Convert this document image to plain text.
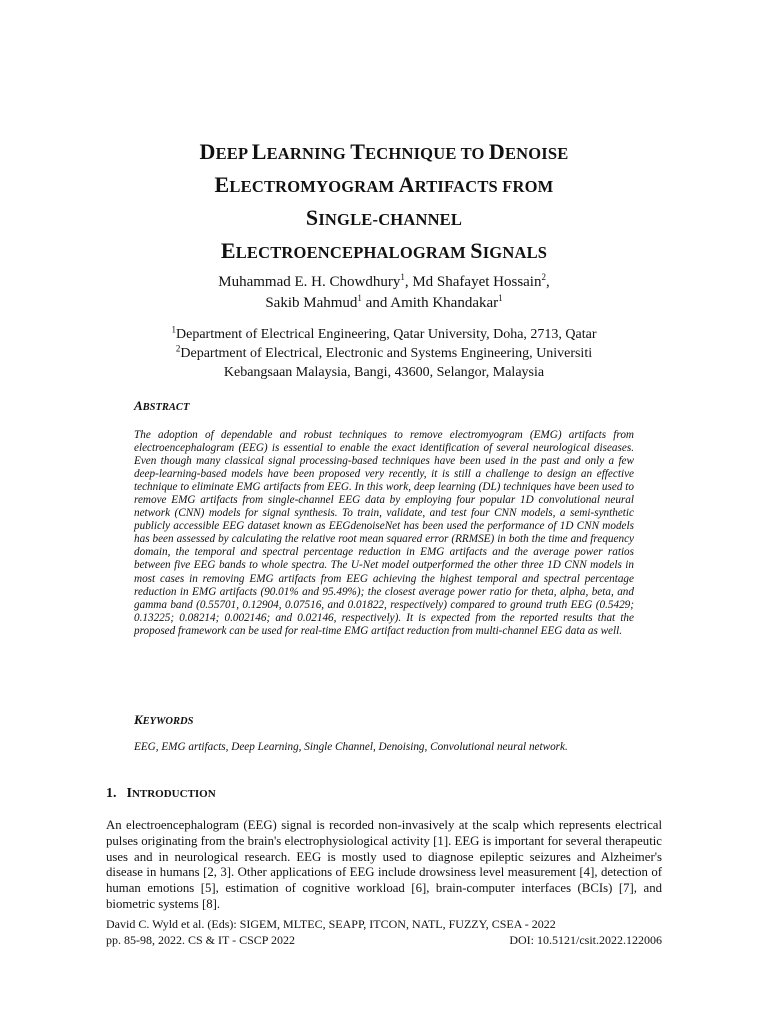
DEEP LEARNING TECHNIQUE TO DENOISE
ELECTROMYOGRAM ARTIFACTS FROM
SINGLE-CHANNEL
ELECTROENCEPHALOGRAM SIGNALS
Muhammad E. H. Chowdhury$^1$, Md Shafayet Hossain$^2$,
Sakib Mahmud$^1$ and Amith Khandakar$^1$
$^1$Department of Electrical Engineering, Qatar University, Doha, 2713, Qatar
$^2$Department of Electrical, Electronic and Systems Engineering, Universiti
Kebangsaan Malaysia, Bangi, 43600, Selangor, Malaysia
ABSTRACT
The adoption of dependable and robust techniques to remove electromyogram (EMG) artifacts from electroencephalogram (EEG) is essential to enable the exact identification of several neurological diseases. Even though many classical signal processing-based techniques have been used in the past and only a few deep-learning-based models have been proposed very recently, it is still a challenge to design an effective technique to eliminate EMG artifacts from EEG. In this work, deep learning (DL) techniques have been used to remove EMG artifacts from single-channel EEG data by employing four popular 1D convolutional neural network (CNN) models for signal synthesis. To train, validate, and test four CNN models, a semi-synthetic publicly accessible EEG dataset known as EEGdenoiseNet has been used the performance of 1D CNN models has been assessed by calculating the relative root mean squared error (RRMSE) in both the time and frequency domain, the temporal and spectral percentage reduction in EMG artifacts and the average power ratios between five EEG bands to whole spectra. The U-Net model outperformed the other three 1D CNN models in most cases in removing EMG artifacts from EEG achieving the highest temporal and spectral percentage reduction in EMG artifacts (90.01% and 95.49%); the closest average power ratio for theta, alpha, beta, and gamma band (0.55701, 0.12904, 0.07516, and 0.01822, respectively) compared to ground truth EEG (0.5429; 0.13225; 0.08214; 0.002146; and 0.02146, respectively). It is expected from the reported results that the proposed framework can be used for real-time EMG artifact reduction from multi-channel EEG data as well.
KEYWORDS
EEG, EMG artifacts, Deep Learning, Single Channel, Denoising, Convolutional neural network.
1. INTRODUCTION
An electroencephalogram (EEG) signal is recorded non-invasively at the scalp which represents electrical pulses originating from the brain's electrophysiological activity [1]. EEG is important for several therapeutic uses and in neurological research. EEG is mostly used to diagnose epileptic seizures and Alzheimer's disease in humans [2, 3]. Other applications of EEG include drowsiness level measurement [4], detection of human emotions [5], estimation of cognitive workload [6], brain-computer interfaces (BCIs) [7], and biometric systems [8].
David C. Wyld et al. (Eds): SIGEM, MLTEC, SEAPP, ITCON, NATL, FUZZY, CSEA - 2022
pp. 85-98, 2022. CS & IT - CSCP 2022	DOI: 10.5121/csit.2022.122006
